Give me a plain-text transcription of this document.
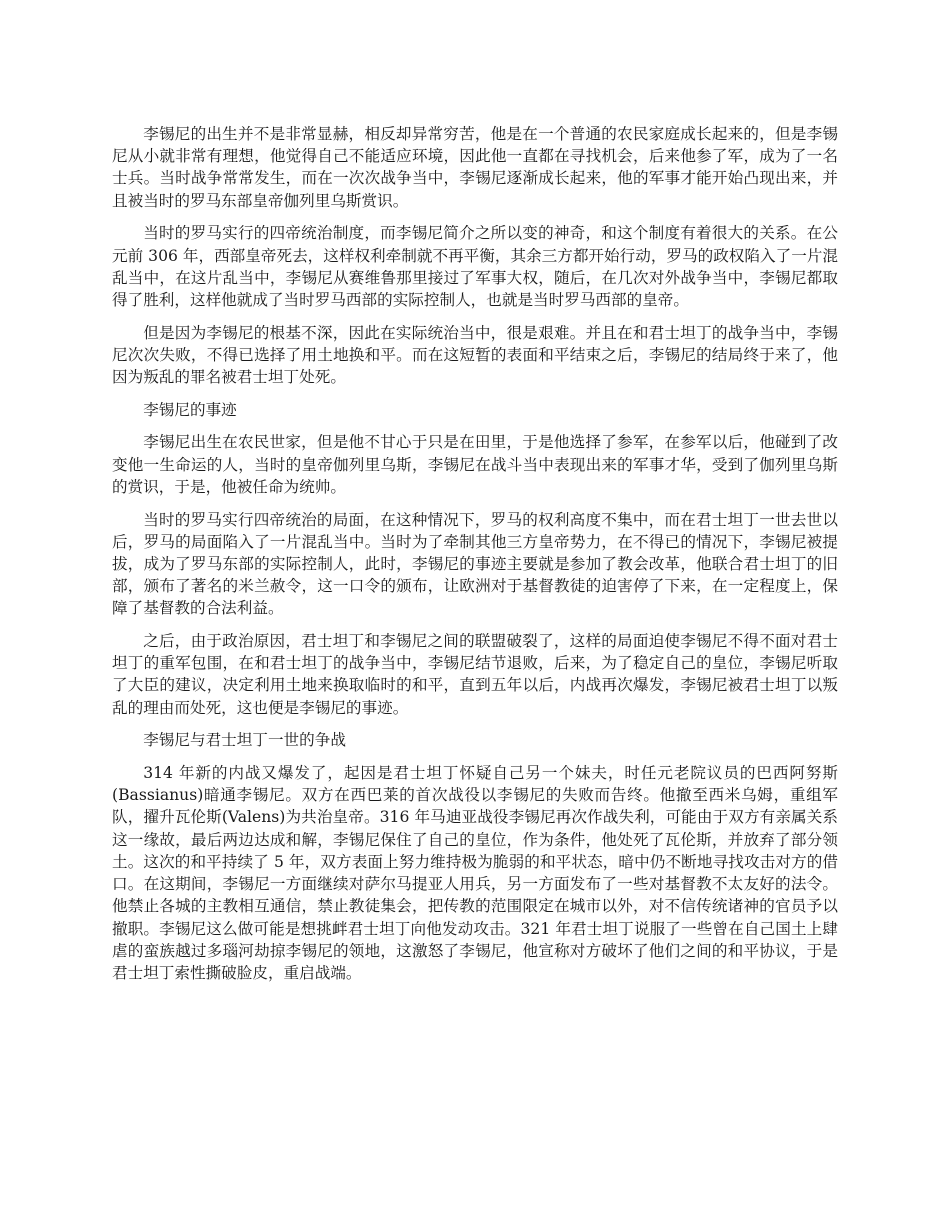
李锡尼的出生并不是非常显赫，相反却异常穷苦，他是在一个普通的农民家庭成长起来的，但是李锡尼从小就非常有理想，他觉得自己不能适应环境，因此他一直都在寻找机会，后来他参了军，成为了一名士兵。当时战争常常发生，而在一次次战争当中，李锡尼逐渐成长起来，他的军事才能开始凸现出来，并且被当时的罗马东部皇帝伽列里乌斯赏识。

当时的罗马实行的四帝统治制度，而李锡尼简介之所以变的神奇，和这个制度有着很大的关系。在公元前 306 年，西部皇帝死去，这样权利牵制就不再平衡，其余三方都开始行动，罗马的政权陷入了一片混乱当中，在这片乱当中，李锡尼从赛维鲁那里接过了军事大权，随后，在几次对外战争当中，李锡尼都取得了胜利，这样他就成了当时罗马西部的实际控制人，也就是当时罗马西部的皇帝。

但是因为李锡尼的根基不深，因此在实际统治当中，很是艰难。并且在和君士坦丁的战争当中，李锡尼次次失败，不得已选择了用土地换和平。而在这短暂的表面和平结束之后，李锡尼的结局终于来了，他因为叛乱的罪名被君士坦丁处死。

李锡尼的事迹

李锡尼出生在农民世家，但是他不甘心于只是在田里，于是他选择了参军，在参军以后，他碰到了改变他一生命运的人，当时的皇帝伽列里乌斯，李锡尼在战斗当中表现出来的军事才华，受到了伽列里乌斯的赏识，于是，他被任命为统帅。

当时的罗马实行四帝统治的局面，在这种情况下，罗马的权利高度不集中，而在君士坦丁一世去世以后，罗马的局面陷入了一片混乱当中。当时为了牵制其他三方皇帝势力，在不得已的情况下，李锡尼被提拔，成为了罗马东部的实际控制人，此时，李锡尼的事迹主要就是参加了教会改革，他联合君士坦丁的旧部，颁布了著名的米兰赦令，这一口令的颁布，让欧洲对于基督教徒的迫害停了下来，在一定程度上，保障了基督教的合法利益。

之后，由于政治原因，君士坦丁和李锡尼之间的联盟破裂了，这样的局面迫使李锡尼不得不面对君士坦丁的重军包围，在和君士坦丁的战争当中，李锡尼结节退败，后来，为了稳定自己的皇位，李锡尼听取了大臣的建议，决定利用土地来换取临时的和平，直到五年以后，内战再次爆发，李锡尼被君士坦丁以叛乱的理由而处死，这也便是李锡尼的事迹。

李锡尼与君士坦丁一世的争战

314 年新的内战又爆发了，起因是君士坦丁怀疑自己另一个妹夫，时任元老院议员的巴西阿努斯(Bassianus)暗通李锡尼。双方在西巴莱的首次战役以李锡尼的失败而告终。他撤至西米乌姆，重组军队，擢升瓦伦斯(Valens)为共治皇帝。316 年马迪亚战役李锡尼再次作战失利，可能由于双方有亲属关系这一缘故，最后两边达成和解，李锡尼保住了自己的皇位，作为条件，他处死了瓦伦斯，并放弃了部分领土。这次的和平持续了 5 年，双方表面上努力维持极为脆弱的和平状态，暗中仍不断地寻找攻击对方的借口。在这期间，李锡尼一方面继续对萨尔马提亚人用兵，另一方面发布了一些对基督教不太友好的法令。他禁止各城的主教相互通信，禁止教徒集会，把传教的范围限定在城市以外，对不信传统诸神的官员予以撤职。李锡尼这么做可能是想挑衅君士坦丁向他发动攻击。321 年君士坦丁说服了一些曾在自己国土上肆虐的蛮族越过多瑙河劫掠李锡尼的领地，这激怒了李锡尼，他宣称对方破坏了他们之间的和平协议，于是君士坦丁索性撕破脸皮，重启战端。
